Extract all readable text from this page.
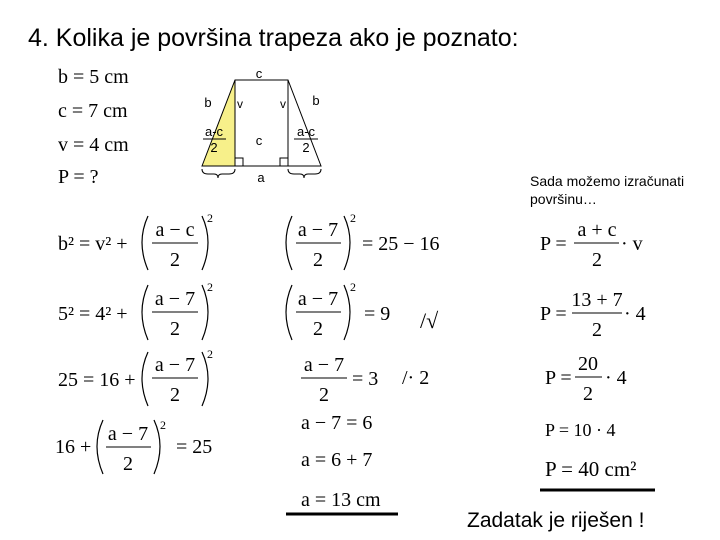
4. Kolika je površina trapeza ako je poznato:
b = 5 cm
c = 7 cm
v = 4 cm
P = ?	Sada možemo izračunati površinu…
Zadatak je riješen !
c
b	b
v	v
c
a
a-c
2
a-c
2
b² = v² +
a − c
2
2
5² = 4² +
a − 7
2
2
25 = 16 +
a − 7
2
2
16 +
a − 7
2
2
= 25
a − 7
2
2
= 25 − 16
a − 7
2
2
= 9 /√
a − 7
2
= 3 /· 2
a − 7 = 6
a = 6 + 7
a = 13 cm
P =
a + c
2
· v
P =
13 + 7
2
· 4
P =
20
2
· 4
P = 10 · 4
P = 40 cm²
